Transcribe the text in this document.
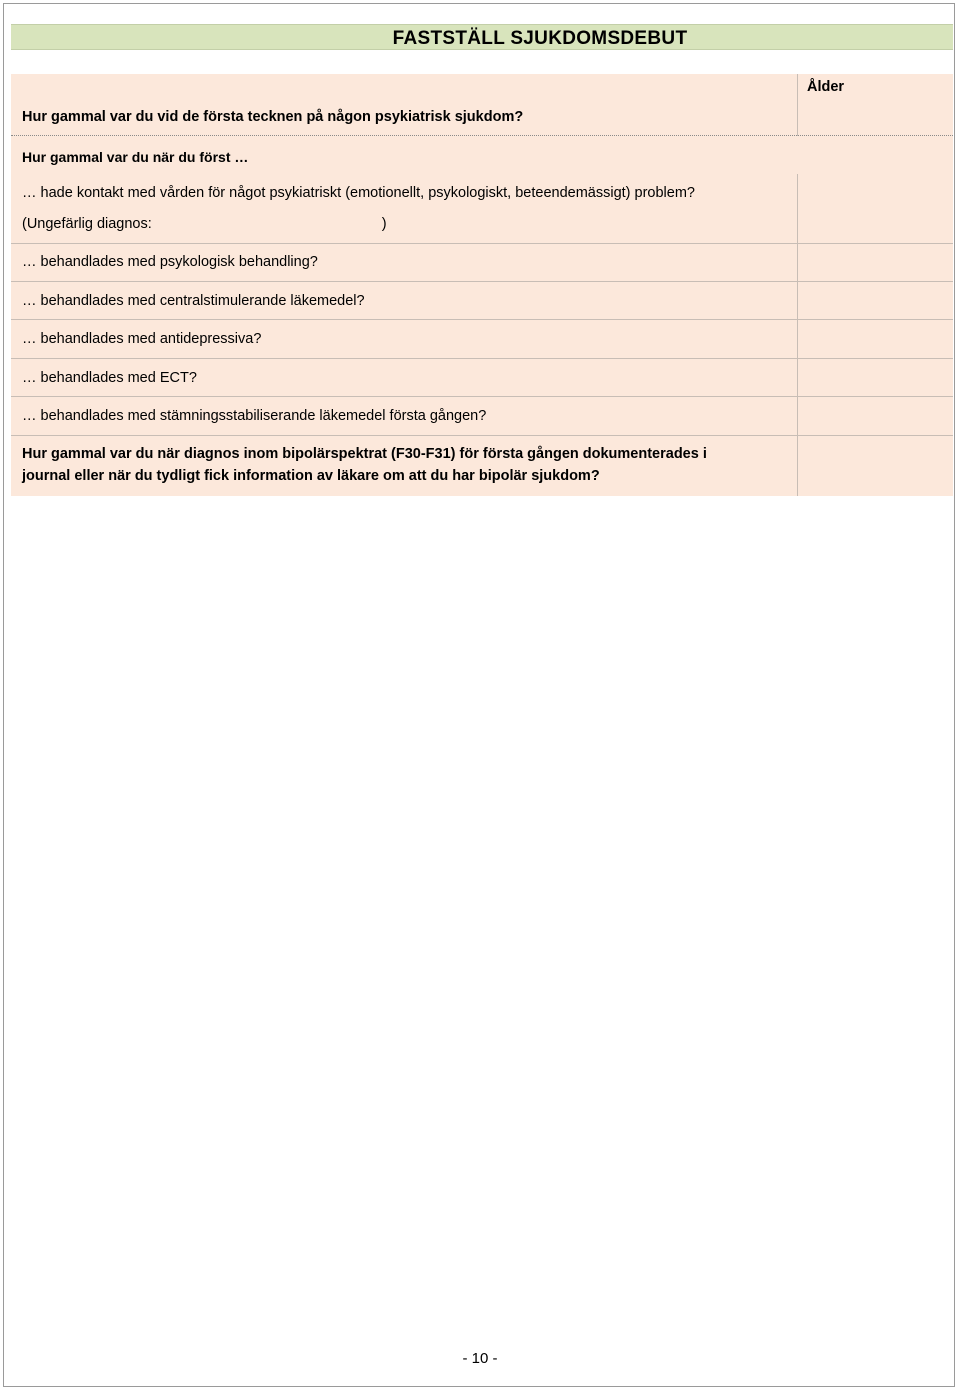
FASTSTÄLL SJUKDOMSDEBUT
Ålder
Hur gammal var du vid de första tecknen på någon psykiatrisk sjukdom?
Hur gammal var du när du först …
… hade kontakt med vården för något psykiatriskt (emotionellt, psykologiskt, beteendemässigt) problem?
(Ungefärlig diagnos:	)
… behandlades med psykologisk behandling?
… behandlades med centralstimulerande läkemedel?
… behandlades med antidepressiva?
… behandlades med ECT?
… behandlades med stämningsstabiliserande läkemedel första gången?
Hur gammal var du när diagnos inom bipolärspektrat (F30-F31) för första gången dokumenterades i
journal eller när du tydligt fick information av läkare om att du har bipolär sjukdom?
- 10 -
